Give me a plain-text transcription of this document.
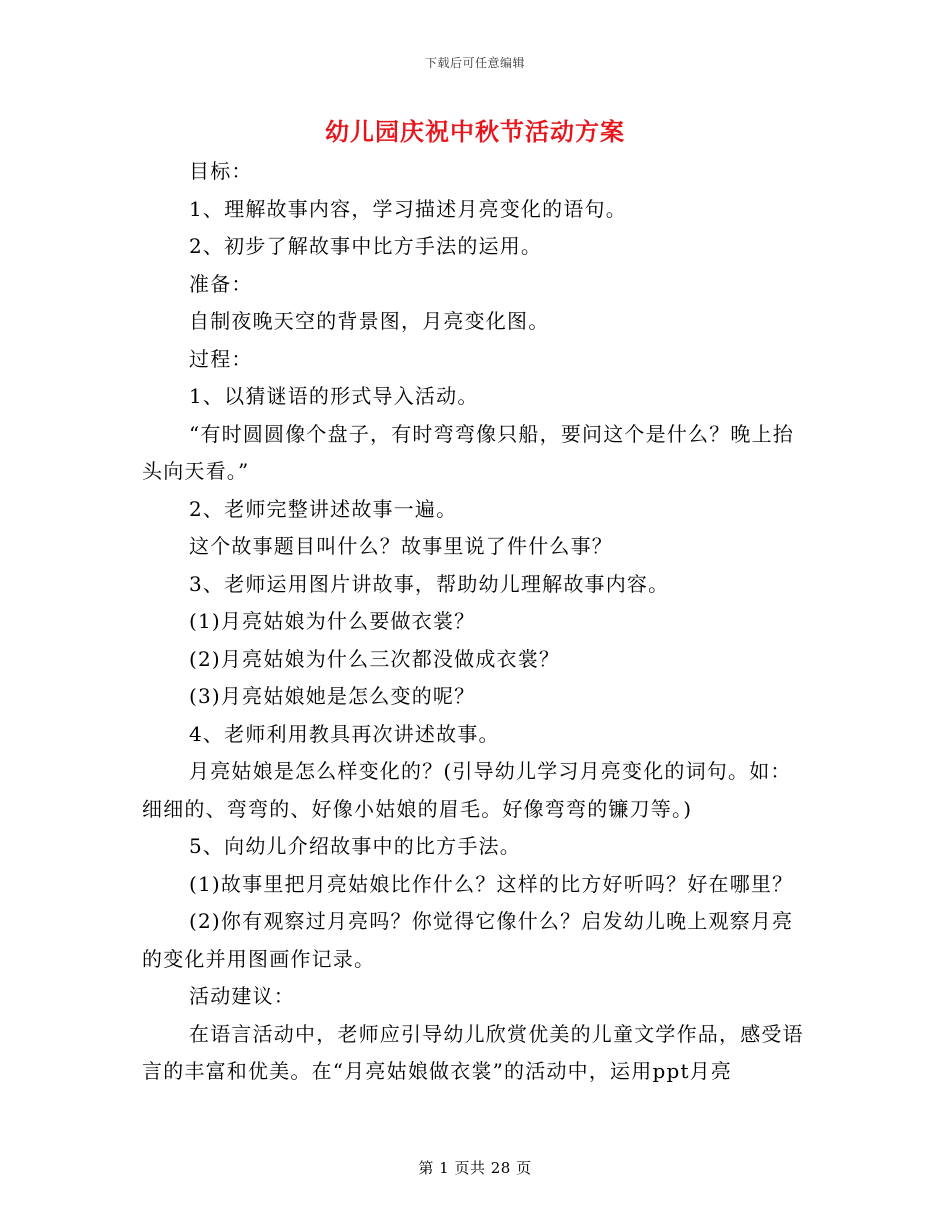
下载后可任意编辑
幼儿园庆祝中秋节活动方案

目标：

1、理解故事内容，学习描述月亮变化的语句。

2、初步了解故事中比方手法的运用。

准备：

自制夜晚天空的背景图，月亮变化图。

过程：

1、以猜谜语的形式导入活动。

“有时圆圆像个盘子，有时弯弯像只船，要问这个是什么？晚上抬头向天看。”

2、老师完整讲述故事一遍。

这个故事题目叫什么？故事里说了件什么事？

3、老师运用图片讲故事，帮助幼儿理解故事内容。

(1)月亮姑娘为什么要做衣裳？

(2)月亮姑娘为什么三次都没做成衣裳？

(3)月亮姑娘她是怎么变的呢？

4、老师利用教具再次讲述故事。

月亮姑娘是怎么样变化的？(引导幼儿学习月亮变化的词句。如：细细的、弯弯的、好像小姑娘的眉毛。好像弯弯的镰刀等。)

5、向幼儿介绍故事中的比方手法。

(1)故事里把月亮姑娘比作什么？这样的比方好听吗？好在哪里？

(2)你有观察过月亮吗？你觉得它像什么？启发幼儿晚上观察月亮的变化并用图画作记录。

活动建议：

在语言活动中，老师应引导幼儿欣赏优美的儿童文学作品，感受语言的丰富和优美。在“月亮姑娘做衣裳”的活动中，运用ppt月亮

第 1 页共 28 页
